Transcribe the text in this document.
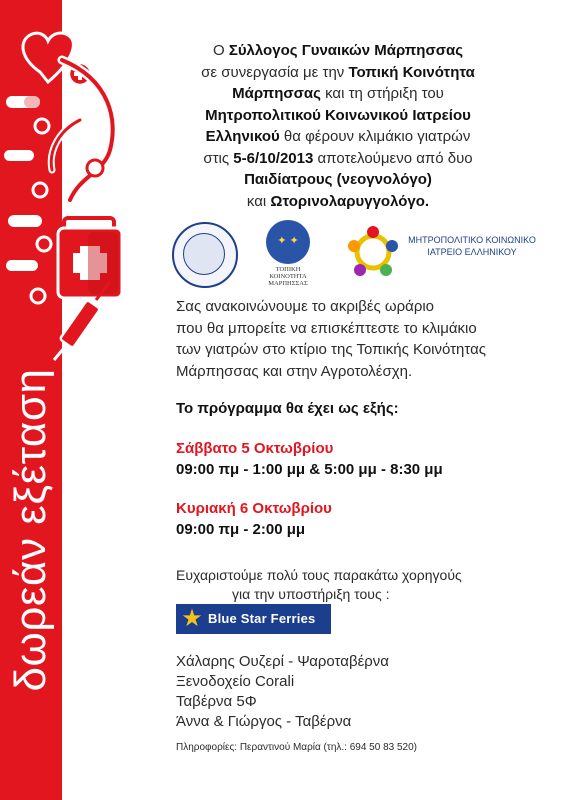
δωρεάν εξέταση
Ο Σύλλογος Γυναικών Μάρπησσας
σε συνεργασία με την Τοπική Κοινότητα
Μάρπησσας και τη στήριξη του
Μητροπολιτικού Κοινωνικού Ιατρείου
Ελληνικού θα φέρουν κλιμάκιο γιατρών
στις 5-6/10/2013 αποτελούμενο από δυο
Παιδίατρους (νεογνολόγο)
και Ωτορινολαρυγγολόγο.
✦ ✦
ΤΟΠΙΚΗ
ΚΟΙΝΟΤΗΤΑ
ΜΑΡΠΗΣΣΑΣ
ΜΗΤΡΟΠΟΛΙΤΙΚΟ ΚΟΙΝΩΝΙΚΟ
ΙΑΤΡΕΙΟ ΕΛΛΗΝΙΚΟΥ
Σας ανακοινώνουμε το ακριβές ωράριο
που θα μπορείτε να επισκέπτεστε το κλιμάκιο
των γιατρών στο κτίριο της Τοπικής Κοινότητας
Μάρπησσας και στην Αγροτολέσχη.
Το πρόγραμμα θα έχει ως εξής:
Σάββατο 5 Οκτωβρίου
09:00 πμ - 1:00 μμ & 5:00 μμ - 8:30 μμ
Κυριακή 6 Οκτωβρίου
09:00 πμ - 2:00 μμ
Ευχαριστούμε πολύ τους παρακάτω χορηγούς
για την υποστήριξη τους :
★ Blue Star Ferries
Χάλαρης Ουζερί - Ψαροταβέρνα
Ξενοδοχείο Corali
Ταβέρνα 5Φ
Άννα & Γιώργος - Ταβέρνα
Πληροφορίες: Περαντινού Μαρία (τηλ.: 694 50 83 520)
